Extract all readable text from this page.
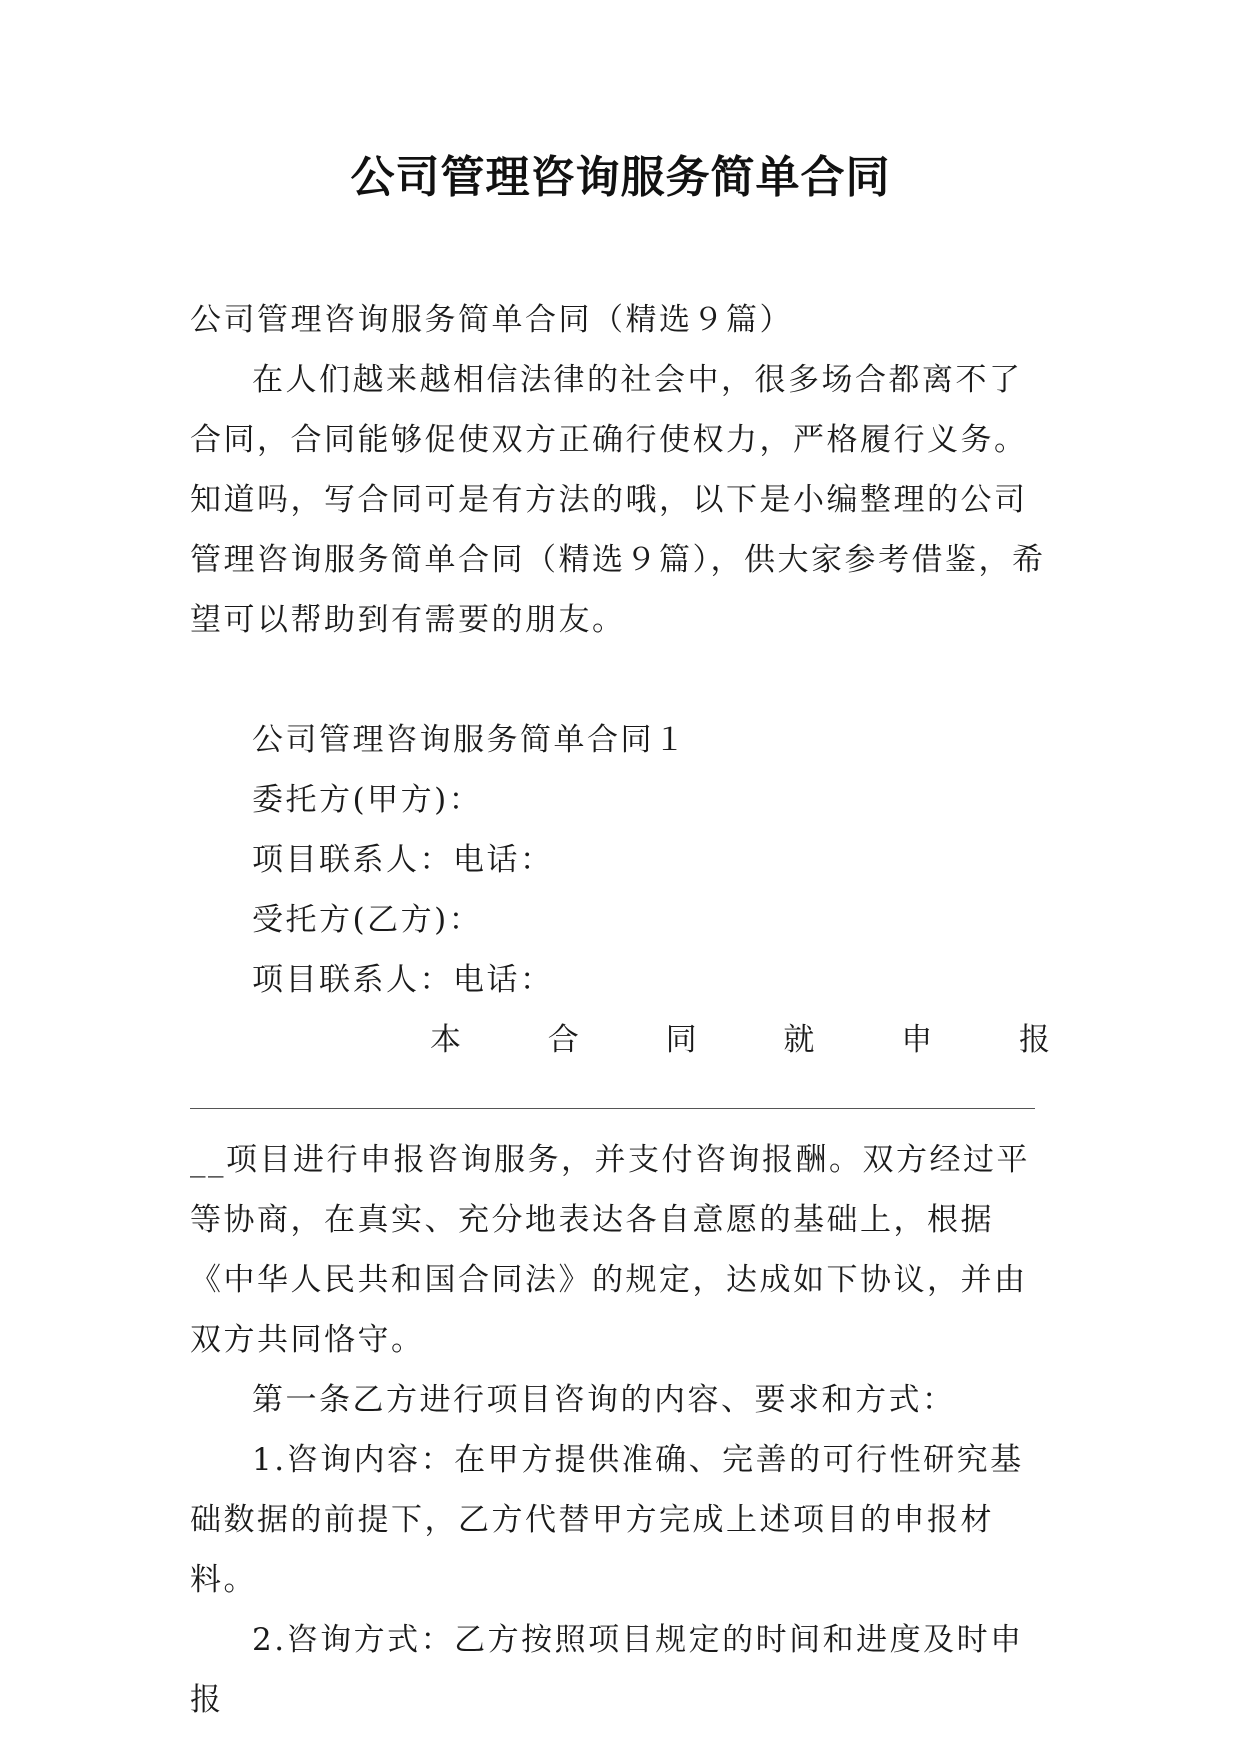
公司管理咨询服务简单合同

公司管理咨询服务简单合同（精选９篇）

在人们越来越相信法律的社会中，很多场合都离不了合同，合同能够促使双方正确行使权力，严格履行义务。知道吗，写合同可是有方法的哦，以下是小编整理的公司管理咨询服务简单合同（精选９篇），供大家参考借鉴，希望可以帮助到有需要的朋友。

公司管理咨询服务简单合同１

委托方(甲方)：

项目联系人：电话：

受托方(乙方)：

项目联系人：电话：

本	合	同	就	申	报

__项目进行申报咨询服务，并支付咨询报酬。双方经过平等协商，在真实、充分地表达各自意愿的基础上，根据《中华人民共和国合同法》的规定，达成如下协议，并由双方共同恪守。

第一条乙方进行项目咨询的内容、要求和方式：

1.咨询内容：在甲方提供准确、完善的可行性研究基础数据的前提下，乙方代替甲方完成上述项目的申报材料。

2.咨询方式：乙方按照项目规定的时间和进度及时申报
